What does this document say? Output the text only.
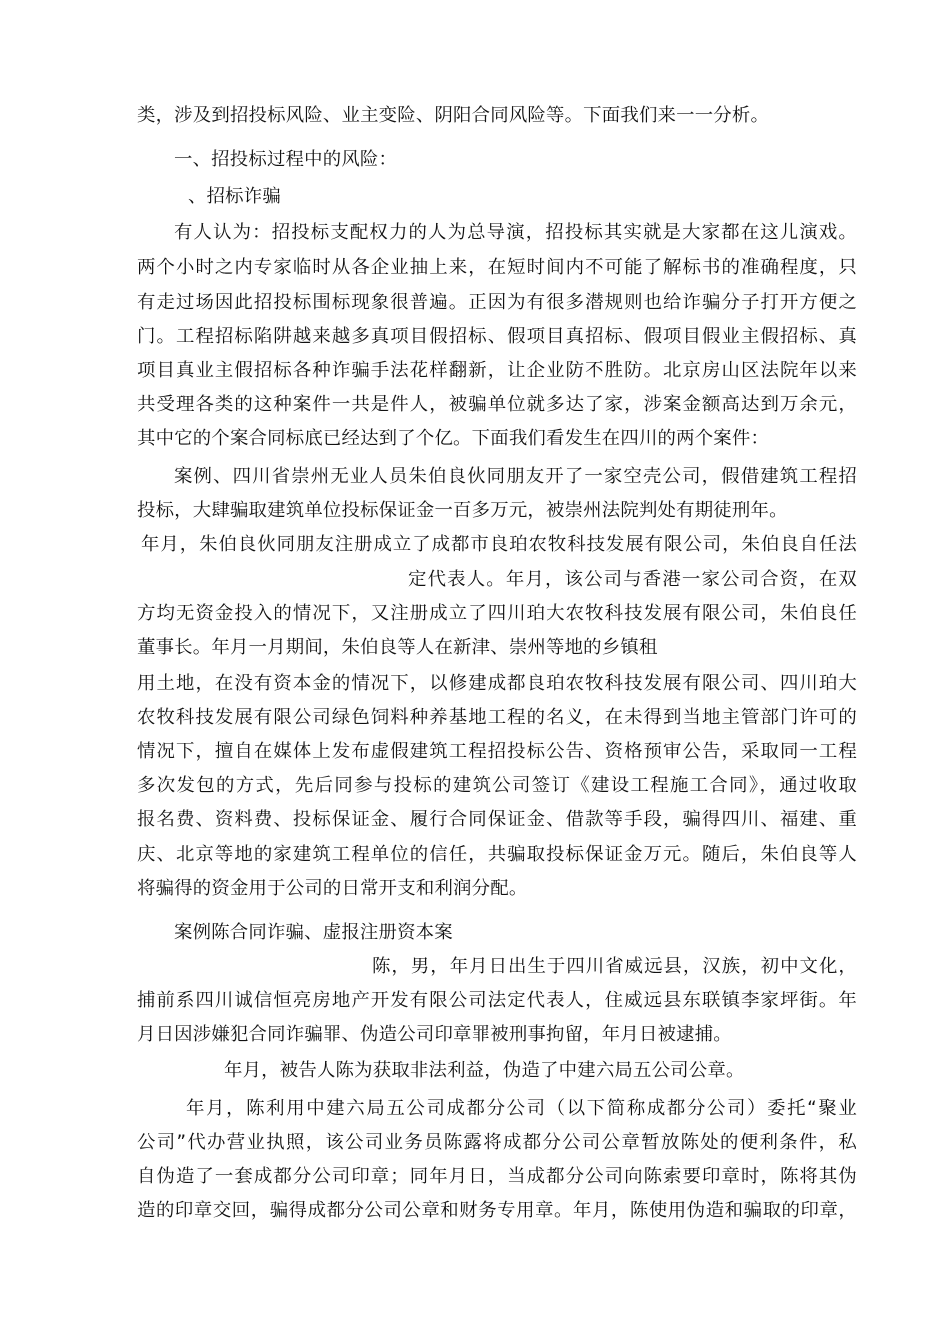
类，涉及到招投标风险、业主变险、阴阳合同风险等。下面我们来一一分析。
一、招投标过程中的风险：
、招标诈骗
有人认为：招投标支配权力的人为总导演，招投标其实就是大家都在这儿演戏。
两个小时之内专家临时从各企业抽上来，在短时间内不可能了解标书的准确程度，只
有走过场因此招投标围标现象很普遍。正因为有很多潜规则也给诈骗分子打开方便之
门。工程招标陷阱越来越多真项目假招标、假项目真招标、假项目假业主假招标、真
项目真业主假招标各种诈骗手法花样翻新，让企业防不胜防。北京房山区法院年以来
共受理各类的这种案件一共是件人，被骗单位就多达了家，涉案金额高达到万余元，
其中它的个案合同标底已经达到了个亿。下面我们看发生在四川的两个案件：
案例、四川省崇州无业人员朱伯良伙同朋友开了一家空壳公司，假借建筑工程招
投标，大肆骗取建筑单位投标保证金一百多万元，被崇州法院判处有期徒刑年。
年月，朱伯良伙同朋友注册成立了成都市良珀农牧科技发展有限公司，朱伯良自任法
定代表人。年月，该公司与香港一家公司合资，在双
方均无资金投入的情况下，又注册成立了四川珀大农牧科技发展有限公司，朱伯良任
董事长。年月一月期间，朱伯良等人在新津、崇州等地的乡镇租
用土地，在没有资本金的情况下，以修建成都良珀农牧科技发展有限公司、四川珀大
农牧科技发展有限公司绿色饲料种养基地工程的名义，在未得到当地主管部门许可的
情况下，擅自在媒体上发布虚假建筑工程招投标公告、资格预审公告，采取同一工程
多次发包的方式，先后同参与投标的建筑公司签订《建设工程施工合同》，通过收取
报名费、资料费、投标保证金、履行合同保证金、借款等手段，骗得四川、福建、重
庆、北京等地的家建筑工程单位的信任，共骗取投标保证金万元。随后，朱伯良等人
将骗得的资金用于公司的日常开支和利润分配。
案例陈合同诈骗、虚报注册资本案
陈，男，年月日出生于四川省威远县，汉族，初中文化，
捕前系四川诚信恒亮房地产开发有限公司法定代表人，住威远县东联镇李家坪街。年
月日因涉嫌犯合同诈骗罪、伪造公司印章罪被刑事拘留，年月日被逮捕。
年月，被告人陈为获取非法利益，伪造了中建六局五公司公章。
年月，陈利用中建六局五公司成都分公司（以下简称成都分公司）委托“聚业
公司”代办营业执照，该公司业务员陈露将成都分公司公章暂放陈处的便利条件，私
自伪造了一套成都分公司印章；同年月日，当成都分公司向陈索要印章时，陈将其伪
造的印章交回，骗得成都分公司公章和财务专用章。年月，陈使用伪造和骗取的印章，
